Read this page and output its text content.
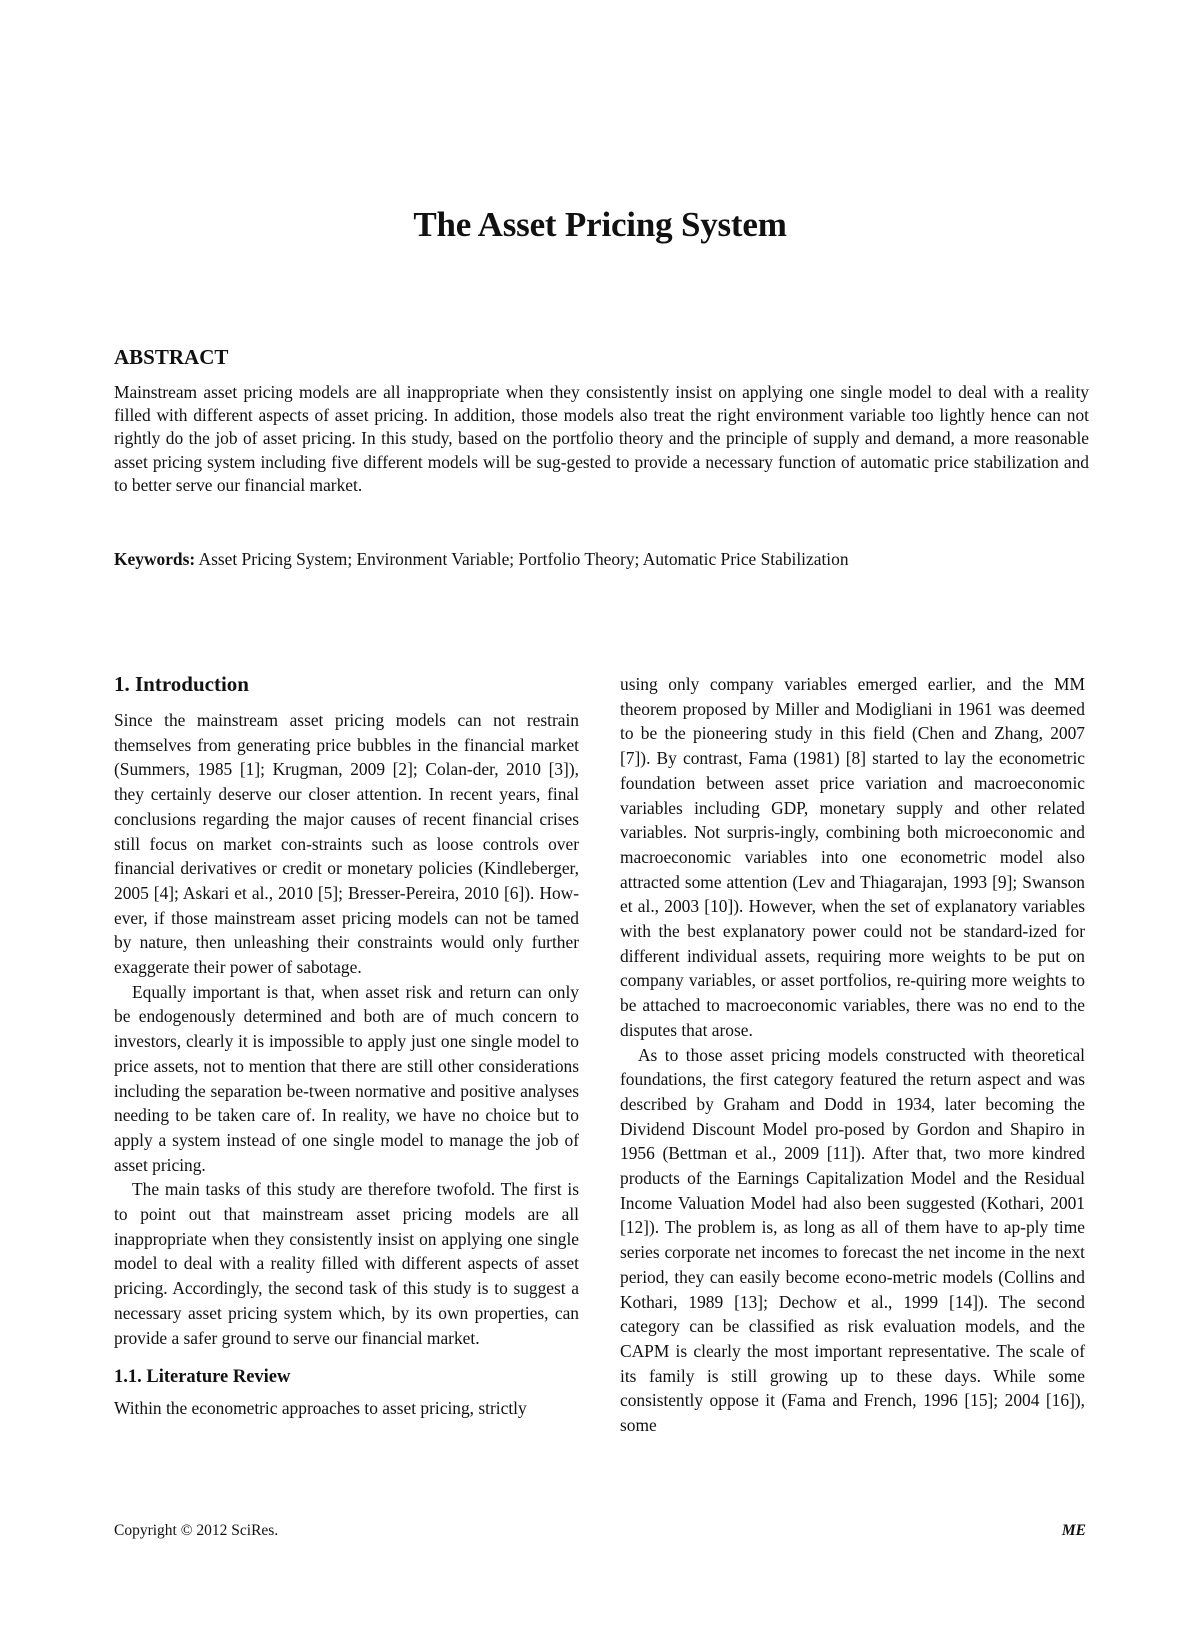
The Asset Pricing System
ABSTRACT
Mainstream asset pricing models are all inappropriate when they consistently insist on applying one single model to deal with a reality filled with different aspects of asset pricing. In addition, those models also treat the right environment variable too lightly hence can not rightly do the job of asset pricing. In this study, based on the portfolio theory and the principle of supply and demand, a more reasonable asset pricing system including five different models will be sug-gested to provide a necessary function of automatic price stabilization and to better serve our financial market.
Keywords: Asset Pricing System; Environment Variable; Portfolio Theory; Automatic Price Stabilization
1. Introduction

Since the mainstream asset pricing models can not restrain themselves from generating price bubbles in the financial market (Summers, 1985 [1]; Krugman, 2009 [2]; Colan-der, 2010 [3]), they certainly deserve our closer attention. In recent years, final conclusions regarding the major causes of recent financial crises still focus on market con-straints such as loose controls over financial derivatives or credit or monetary policies (Kindleberger, 2005 [4]; Askari et al., 2010 [5]; Bresser-Pereira, 2010 [6]). How-ever, if those mainstream asset pricing models can not be tamed by nature, then unleashing their constraints would only further exaggerate their power of sabotage.

Equally important is that, when asset risk and return can only be endogenously determined and both are of much concern to investors, clearly it is impossible to apply just one single model to price assets, not to mention that there are still other considerations including the separation be-tween normative and positive analyses needing to be taken care of. In reality, we have no choice but to apply a system instead of one single model to manage the job of asset pricing.

The main tasks of this study are therefore twofold. The first is to point out that mainstream asset pricing models are all inappropriate when they consistently insist on applying one single model to deal with a reality filled with different aspects of asset pricing. Accordingly, the second task of this study is to suggest a necessary asset pricing system which, by its own properties, can provide a safer ground to serve our financial market.

1.1. Literature Review

Within the econometric approaches to asset pricing, strictly

using only company variables emerged earlier, and the MM theorem proposed by Miller and Modigliani in 1961 was deemed to be the pioneering study in this field (Chen and Zhang, 2007 [7]). By contrast, Fama (1981) [8] started to lay the econometric foundation between asset price variation and macroeconomic variables including GDP, monetary supply and other related variables. Not surpris-ingly, combining both microeconomic and macroeconomic variables into one econometric model also attracted some attention (Lev and Thiagarajan, 1993 [9]; Swanson et al., 2003 [10]). However, when the set of explanatory variables with the best explanatory power could not be standard-ized for different individual assets, requiring more weights to be put on company variables, or asset portfolios, re-quiring more weights to be attached to macroeconomic variables, there was no end to the disputes that arose.

As to those asset pricing models constructed with theoretical foundations, the first category featured the return aspect and was described by Graham and Dodd in 1934, later becoming the Dividend Discount Model pro-posed by Gordon and Shapiro in 1956 (Bettman et al., 2009 [11]). After that, two more kindred products of the Earnings Capitalization Model and the Residual Income Valuation Model had also been suggested (Kothari, 2001 [12]). The problem is, as long as all of them have to ap-ply time series corporate net incomes to forecast the net income in the next period, they can easily become econo-metric models (Collins and Kothari, 1989 [13]; Dechow et al., 1999 [14]). The second category can be classified as risk evaluation models, and the CAPM is clearly the most important representative. The scale of its family is still growing up to these days. While some consistently oppose it (Fama and French, 1996 [15]; 2004 [16]), some

Copyright © 2012 SciRes.	ME
